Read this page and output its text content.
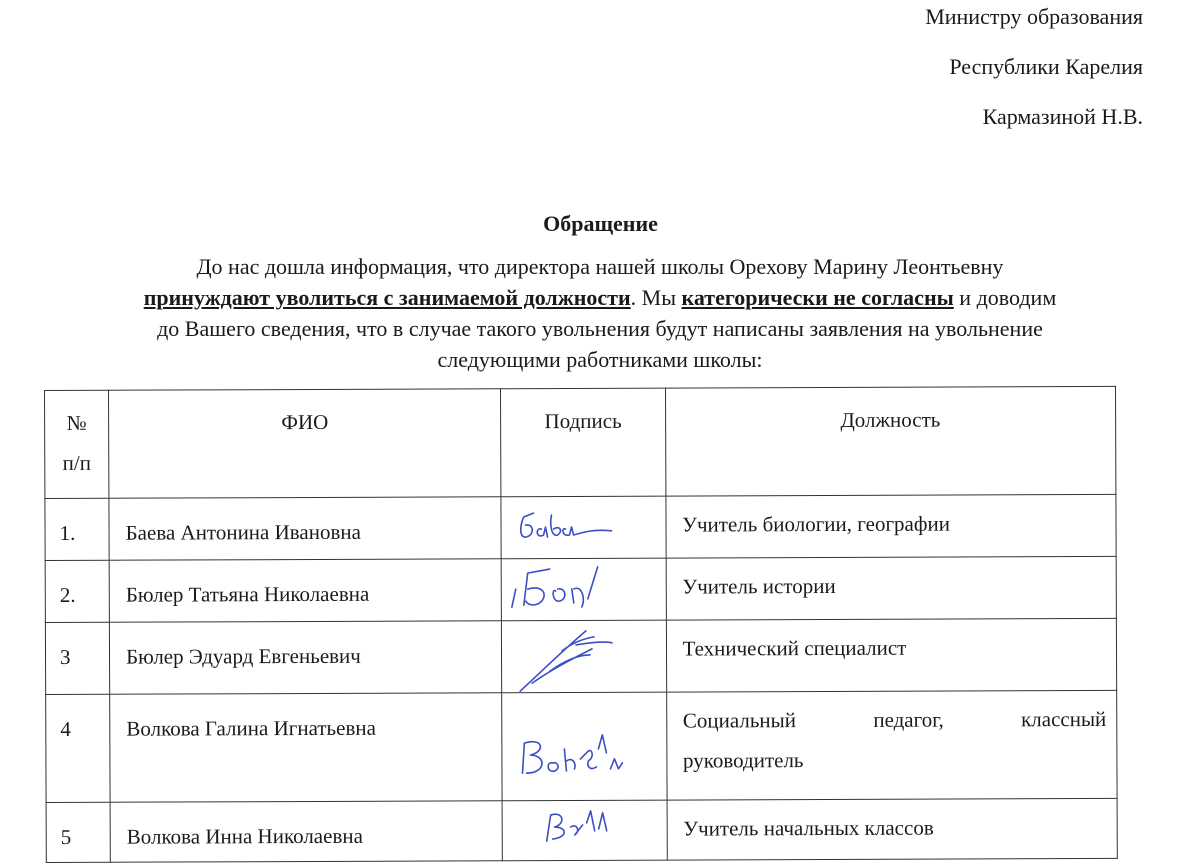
Министру образования
Республики Карелия
Кармазиной Н.В.
Обращение
До нас дошла информация, что директора нашей школы Орехову Марину Леонтьевну
принуждают уволиться с занимаемой должности. Мы категорически не согласны и доводим
до Вашего сведения, что в случае такого увольнения будут написаны заявления на увольнение
следующими работниками школы:
№
п/п	ФИО	Подпись	Должность
1.	Баева Антонина Ивановна		Учитель биологии, географии
2.	Бюлер Татьяна Николаевна		Учитель истории
3	Бюлер Эдуард Евгеньевич		Технический специалист
4	Волкова Галина Игнатьевна		Социальный педагог, классный
руководитель

5	Волкова Инна Николаевна		Учитель начальных классов
